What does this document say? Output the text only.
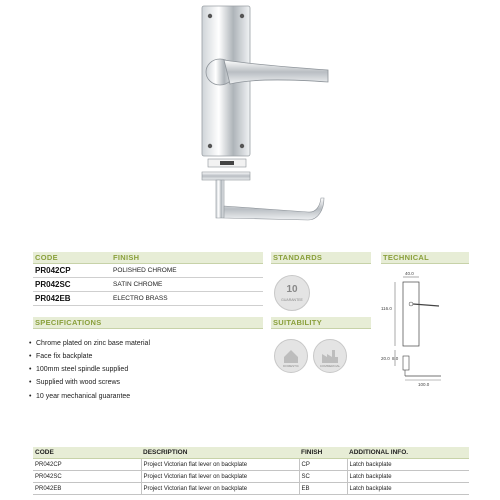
CODE	FINISH
PR042CP	POLISHED CHROME
PR042SC	SATIN CHROME
PR042EB	ELECTRO BRASS
STANDARDS
10
GUARANTEE
TECHNICAL
40.0
116.0
20.0 8.0
100.0
SPECIFICATIONS
• Chrome plated on zinc base material
• Face fix backplate
• 100mm steel spindle supplied
• Supplied with wood screws
• 10 year mechanical guarantee
SUITABILITY
DOMESTIC	COMMERCIAL
CODE	DESCRIPTION	FINISH	ADDITIONAL INFO.
PR042CP	Project Victorian flat lever on backplate	CP	Latch backplate
PR042SC	Project Victorian flat lever on backplate	SC	Latch backplate
PR042EB	Project Victorian flat lever on backplate	EB	Latch backplate
